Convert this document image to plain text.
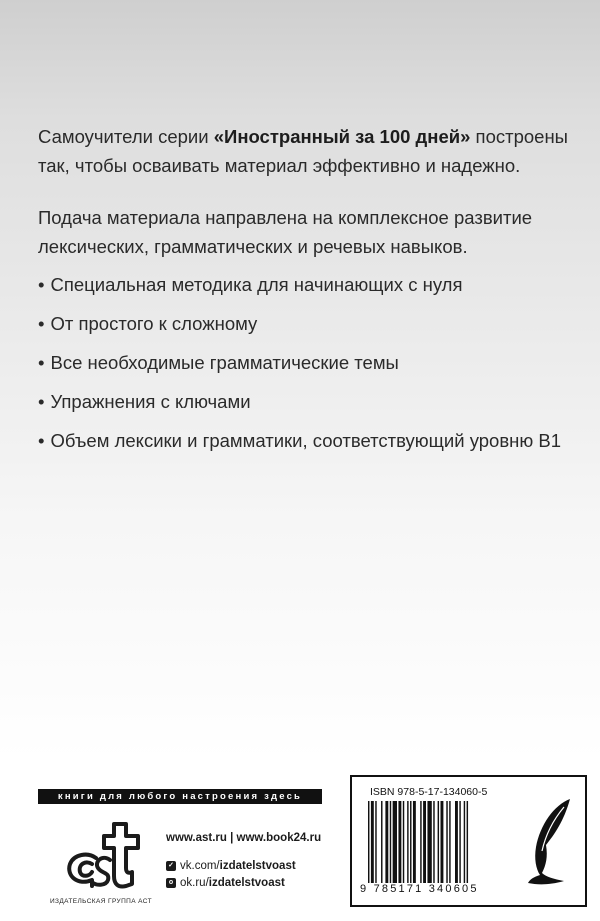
Самоучители серии «Иностранный за 100 дней» построены
так, чтобы осваивать материал эффективно и надежно.
Подача материала направлена на комплексное развитие
лексических, грамматических и речевых навыков.
• Специальная методика для начинающих с нуля
• От простого к сложному
• Все необходимые грамматические темы
• Упражнения с ключами
• Объем лексики и грамматики, соответствующий уровню В1
книги для любого настроения здесь
ИЗДАТЕЛЬСКАЯ ГРУППА АСТ
www.ast.ru | www.book24.ru
✓ vk.com/izdatelstvoast
о ok.ru/izdatelstvoast
ISBN 978-5-17-134060-5
9 785171 340605
